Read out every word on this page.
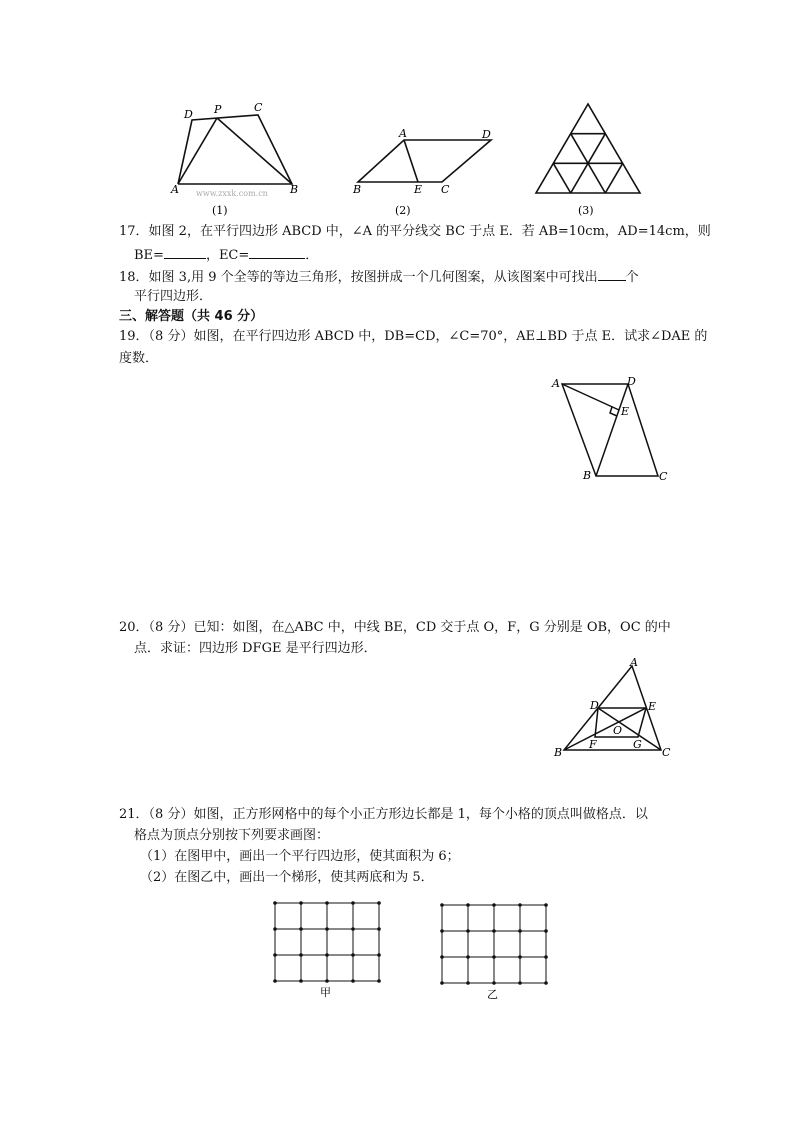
D P	C
A	B
(1)
www.zxxk.com.cn
A	D
B	E C
(2)	(3)
17．如图 2，在平行四边形 ABCD 中，∠A 的平分线交 BC 于点 E．若 AB=10cm，AD=14cm，则
BE=	，EC=	．
18．如图 3,用 9 个全等的等边三角形，按图拼成一个几何图案，从该图案中可找出 个
平行四边形．
三、解答题（共 46 分）
19．（8 分）如图，在平行四边形 ABCD 中，DB=CD，∠C=70°，AE⊥BD 于点 E．试求∠DAE 的
度数．
A	D
E
B	C
20．（8 分）已知：如图，在△ABC 中，中线 BE，CD 交于点 O，F，G 分别是 OB，OC 的中
点．求证：四边形 DFGE 是平行四边形．
A
D	E
O
F	G
B	C
21．（8 分）如图，正方形网格中的每个小正方形边长都是 1，每个小格的顶点叫做格点．以
格点为顶点分别按下列要求画图：
（1）在图甲中，画出一个平行四边形，使其面积为 6；
（2）在图乙中，画出一个梯形，使其两底和为 5．
甲	乙
